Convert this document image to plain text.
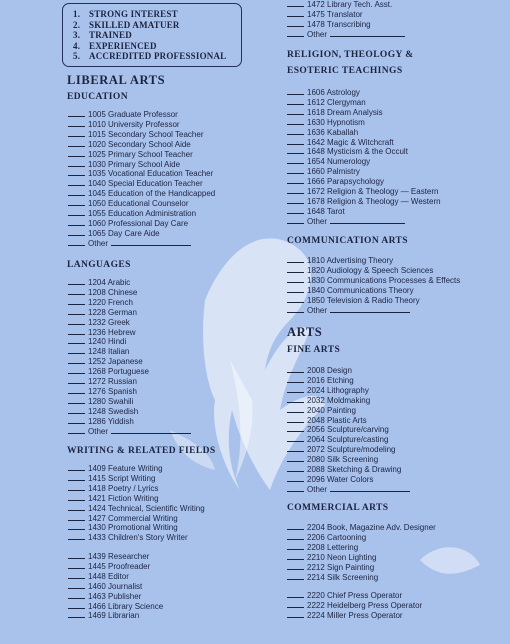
1. STRONG INTEREST
2. SKILLED AMATUER
3. TRAINED
4. EXPERIENCED
5. ACCREDITED PROFESSIONAL
LIBERAL ARTS
EDUCATION
1005 Graduate Professor
1010 University Professor
1015 Secondary School Teacher
1020 Secondary School Aide
1025 Primary School Teacher
1030 Primary School Aide
1035 Vocational Education Teacher
1040 Special Education Teacher
1045 Education of the Handicapped
1050 Educational Counselor
1055 Education Administration
1060 Professional Day Care
1065 Day Care Aide
Other
LANGUAGES
1204 Arabic
1208 Chinese
1220 French
1228 German
1232 Greek
1236 Hebrew
1240 Hindi
1248 Italian
1252 Japanese
1268 Portuguese
1272 Russian
1276 Spanish
1280 Swahili
1248 Swedish
1286 Yiddish
Other
WRITING & RELATED FIELDS
1409 Feature Writing
1415 Script Writing
1418 Poetry / Lyrics
1421 Fiction Writing
1424 Technical, Scientific Writing
1427 Commercial Writing
1430 Promotional Writing
1433 Children's Story Writer
1439 Researcher
1445 Proofreader
1448 Editor
1460 Journalist
1463 Publisher
1466 Library Science
1469 Librarian
1472 Library Tech. Asst.
1475 Translator
1478 Transcribing
Other
RELIGION, THEOLOGY &
ESOTERIC TEACHINGS
1606 Astrology
1612 Clergyman
1618 Dream Analysis
1630 Hypnotism
1636 Kaballah
1642 Magic & Witchcraft
1648 Mysticism & the Occult
1654 Numerology
1660 Palmistry
1666 Parapsychology
1672 Religion & Theology — Eastern
1678 Religion & Theology — Western
1648 Tarot
Other
COMMUNICATION ARTS
1810 Advertising Theory
1820 Audiology & Speech Sciences
1830 Communications Processes & Effects
1840 Communications Theory
1850 Television & Radio Theory
Other
ARTS
FINE ARTS
2008 Design
2016 Etching
2024 Lithography
2032 Moldmaking
2040 Painting
2048 Plastic Arts
2056 Sculpture/carving
2064 Sculpture/casting
2072 Sculpture/modeling
2080 Silk Screening
2088 Sketching & Drawing
2096 Water Colors
Other
COMMERCIAL ARTS
2204 Book, Magazine Adv. Designer
2206 Cartooning
2208 Lettering
2210 Neon Lighting
2212 Sign Painting
2214 Silk Screening
2220 Chief Press Operator
2222 Heidelberg Press Operator
2224 Miller Press Operator
